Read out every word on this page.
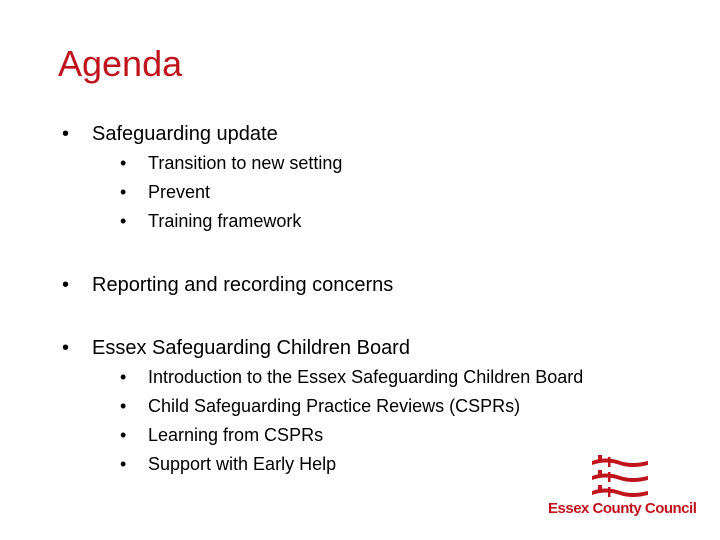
Agenda
• Safeguarding update
• Transition to new setting
• Prevent
• Training framework
• Reporting and recording concerns
• Essex Safeguarding Children Board
• Introduction to the Essex Safeguarding Children Board
• Child Safeguarding Practice Reviews (CSPRs)
• Learning from CSPRs
• Support with Early Help
Essex County Council
